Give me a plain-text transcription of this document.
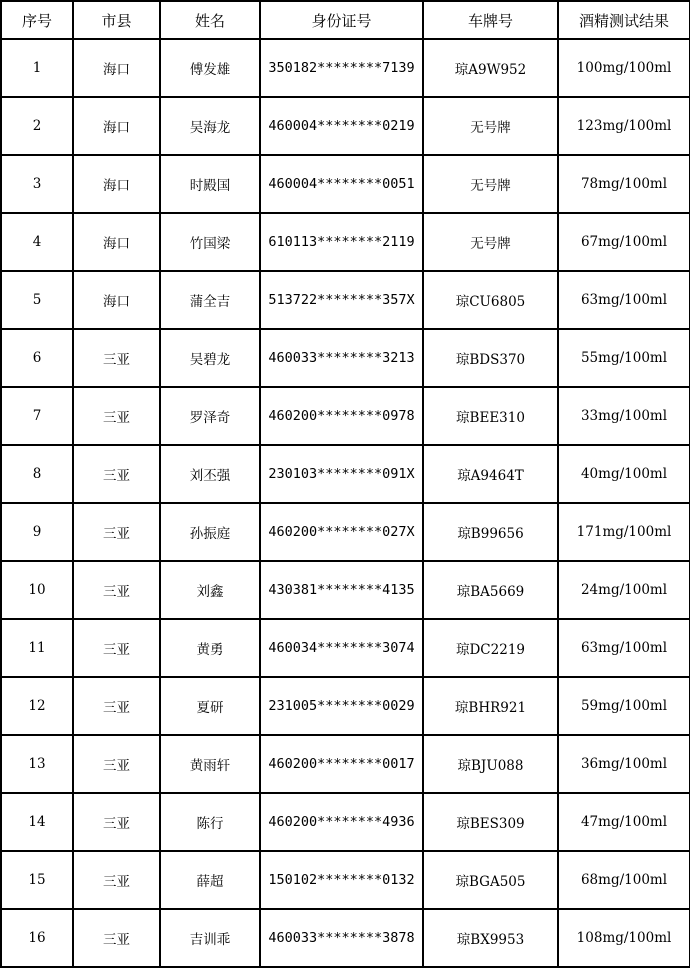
序号	市县	姓名	身份证号	车牌号	酒精测试结果
1	海口	傅发雄	350182********7139	琼A9W952	100mg/100ml
2	海口	吴海龙	460004********0219	无号牌	123mg/100ml
3	海口	时殿国	460004********0051	无号牌	78mg/100ml
4	海口	竹国梁	610113********2119	无号牌	67mg/100ml
5	海口	蒲全吉	513722********357X	琼CU6805	63mg/100ml
6	三亚	吴碧龙	460033********3213	琼BDS370	55mg/100ml
7	三亚	罗泽奇	460200********0978	琼BEE310	33mg/100ml
8	三亚	刘丕强	230103********091X	琼A9464T	40mg/100ml
9	三亚	孙振庭	460200********027X	琼B99656	171mg/100ml
10	三亚	刘鑫	430381********4135	琼BA5669	24mg/100ml
11	三亚	黄勇	460034********3074	琼DC2219	63mg/100ml
12	三亚	夏研	231005********0029	琼BHR921	59mg/100ml
13	三亚	黄雨轩	460200********0017	琼BJU088	36mg/100ml
14	三亚	陈行	460200********4936	琼BES309	47mg/100ml
15	三亚	薛超	150102********0132	琼BGA505	68mg/100ml
16	三亚	吉训乖	460033********3878	琼BX9953	108mg/100ml
